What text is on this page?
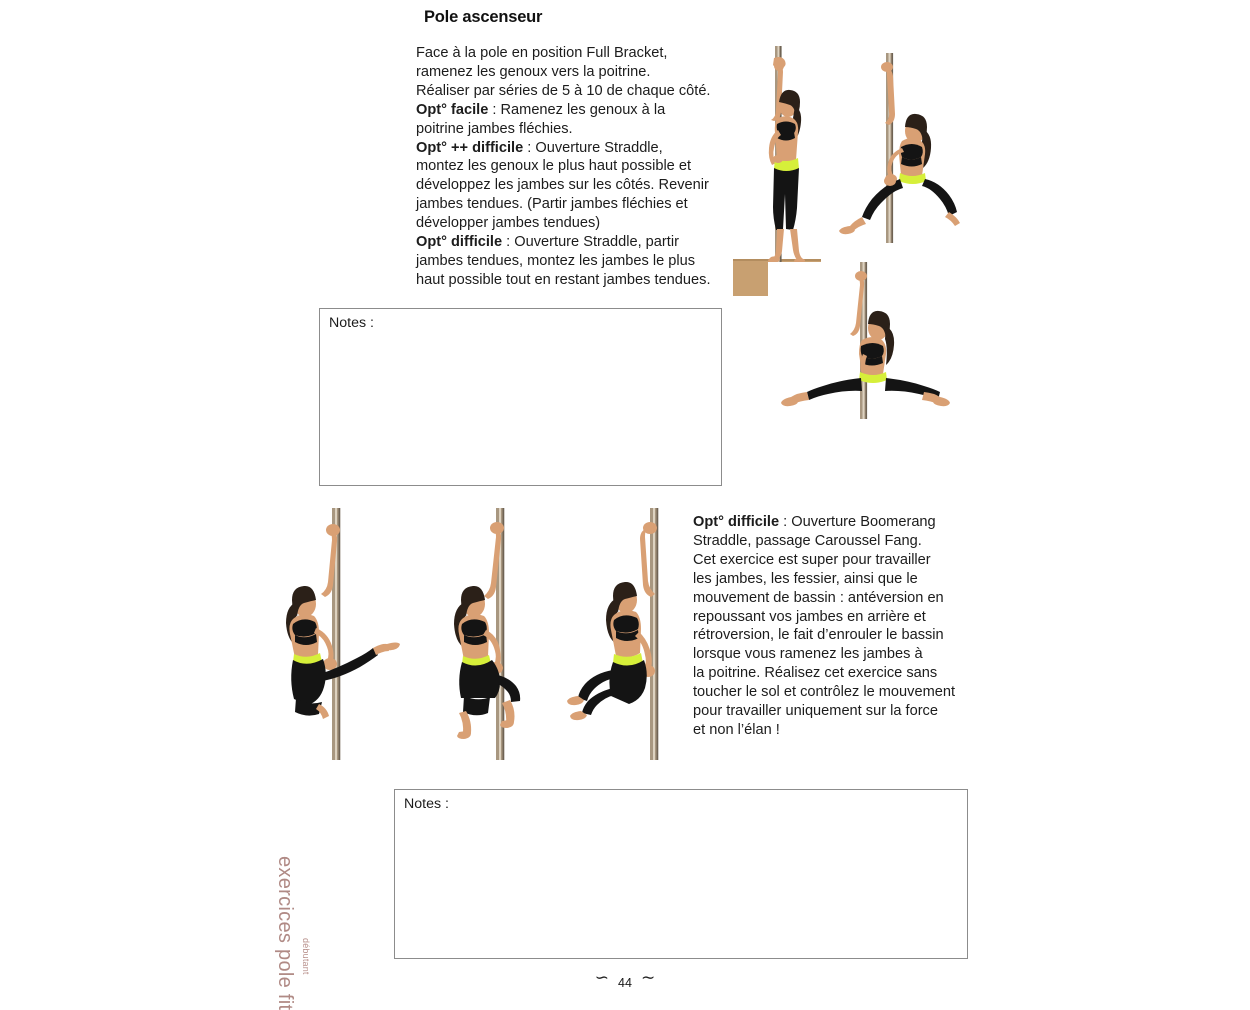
Pole ascenseur
Face à la pole en position Full Bracket,
ramenez les genoux vers la poitrine.
Réaliser par séries de 5 à 10 de chaque côté.
Opt° facile : Ramenez les genoux à la
poitrine jambes fléchies.
Opt° ++ difficile : Ouverture Straddle,
montez les genoux le plus haut possible et
développez les jambes sur les côtés. Revenir
jambes tendues. (Partir jambes fléchies et
développer jambes tendues)
Opt° difficile : Ouverture Straddle, partir
jambes tendues, montez les jambes le plus
haut possible tout en restant jambes tendues.
Notes :
Opt° difficile : Ouverture Boomerang
Straddle, passage Caroussel Fang.
Cet exercice est super pour travailler
les jambes, les fessier, ainsi que le
mouvement de bassin : antéversion en
repoussant vos jambes en arrière et
rétroversion, le fait d’enrouler le bassin
lorsque vous ramenez les jambes à
la poitrine. Réalisez cet exercice sans
toucher le sol et contrôlez le mouvement
pour travailler uniquement sur la force
et non l’élan !
Notes :
exercices pole fit débutant
∽ 44 ∽
